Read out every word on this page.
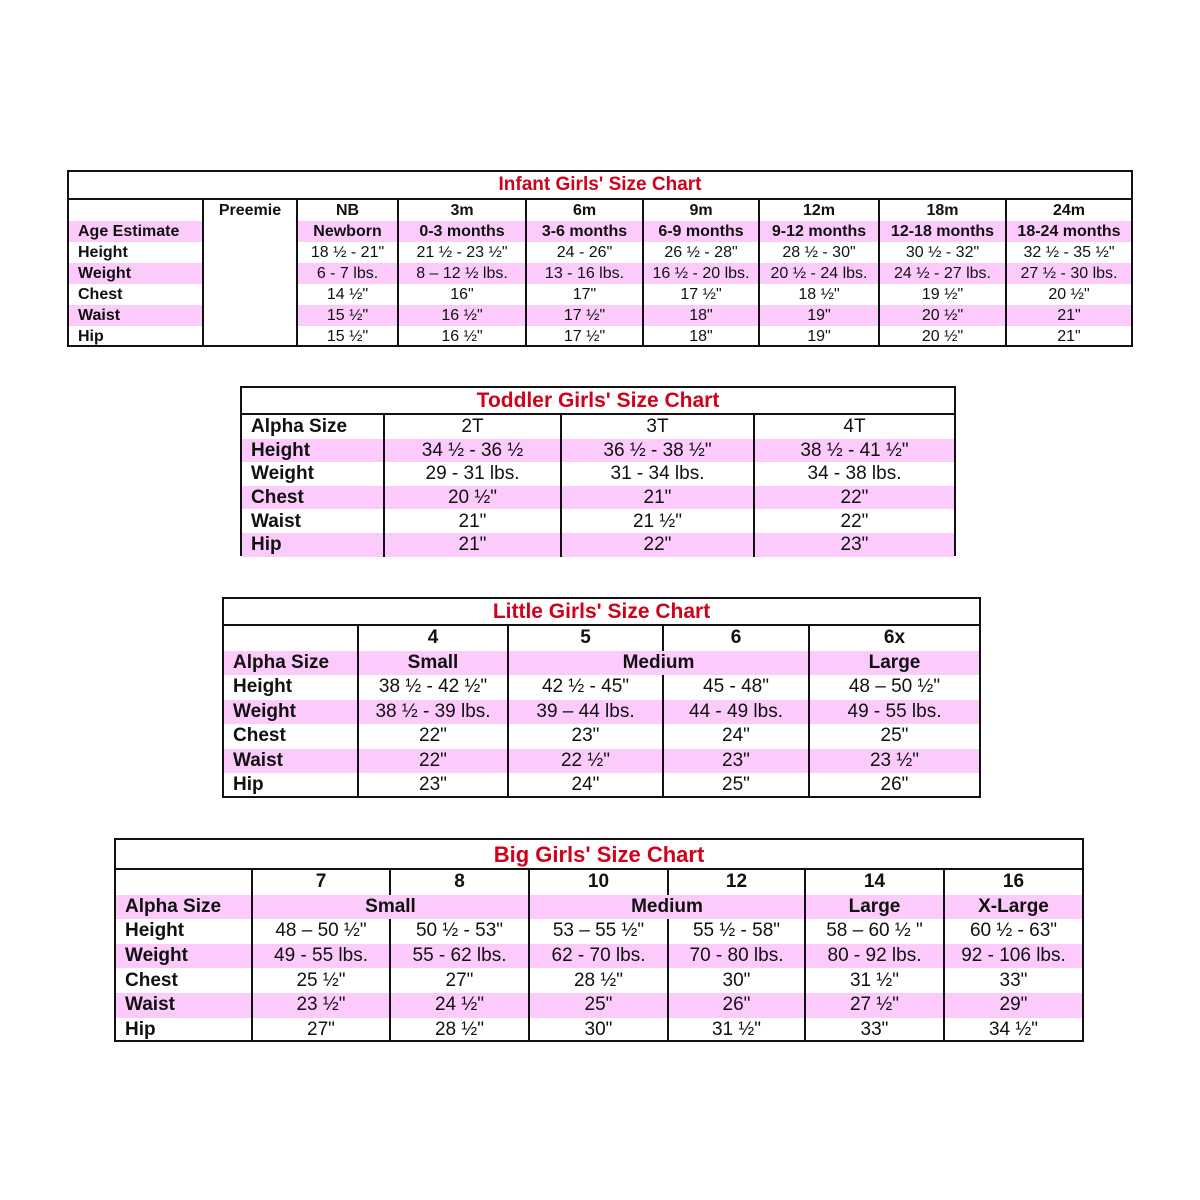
Infant Girls' Size Chart
	Preemie	NB	3m	6m	9m	12m	18m	24m
Age Estimate		Newborn	0-3 months	3-6 months	6-9 months	9-12 months	12-18 months	18-24 months
Height		18 ½ - 21"	21 ½ - 23 ½"	24 - 26"	26 ½ - 28"	28 ½ - 30"	30 ½ - 32"	32 ½ - 35 ½"
Weight		6 - 7 lbs.	8 – 12 ½ lbs.	13 - 16 lbs.	16 ½ - 20 lbs.	20 ½ - 24 lbs.	24 ½ - 27 lbs.	27 ½ - 30 lbs.
Chest		14 ½"	16"	17"	17 ½"	18 ½"	19 ½"	20 ½"
Waist		15 ½"	16 ½"	17 ½"	18"	19"	20 ½"	21"
Hip		15 ½"	16 ½"	17 ½"	18"	19"	20 ½"	21"
Toddler Girls' Size Chart
Alpha Size	2T	3T	4T
Height	34 ½ - 36 ½	36 ½ - 38 ½"	38 ½ - 41 ½"
Weight	29 - 31 lbs.	31 - 34 lbs.	34 - 38 lbs.
Chest	20 ½"	21"	22"
Waist	21"	21 ½"	22"
Hip	21"	22"	23"
Little Girls' Size Chart
	4	5	6	6x
Alpha Size	Small	Medium		Large
Height	38 ½ - 42 ½"	42 ½ - 45"	45 - 48"	48 – 50 ½"
Weight	38 ½ - 39 lbs.	39 – 44 lbs.	44 - 49 lbs.	49 - 55 lbs.
Chest	22"	23"	24"	25"
Waist	22"	22 ½"	23"	23 ½"
Hip	23"	24"	25"	26"
Big Girls' Size Chart
	7	8	10	12	14	16
Alpha Size	Small		Medium		Large	X-Large
Height	48 – 50 ½"	50 ½ - 53"	53 – 55 ½"	55 ½ - 58"	58 – 60 ½ "	60 ½ - 63"
Weight	49 - 55 lbs.	55 - 62 lbs.	62 - 70 lbs.	70 - 80 lbs.	80 - 92 lbs.	92 - 106 lbs.
Chest	25 ½"	27"	28 ½"	30"	31 ½"	33"
Waist	23 ½"	24 ½"	25"	26"	27 ½"	29"
Hip	27"	28 ½"	30"	31 ½"	33"	34 ½"
